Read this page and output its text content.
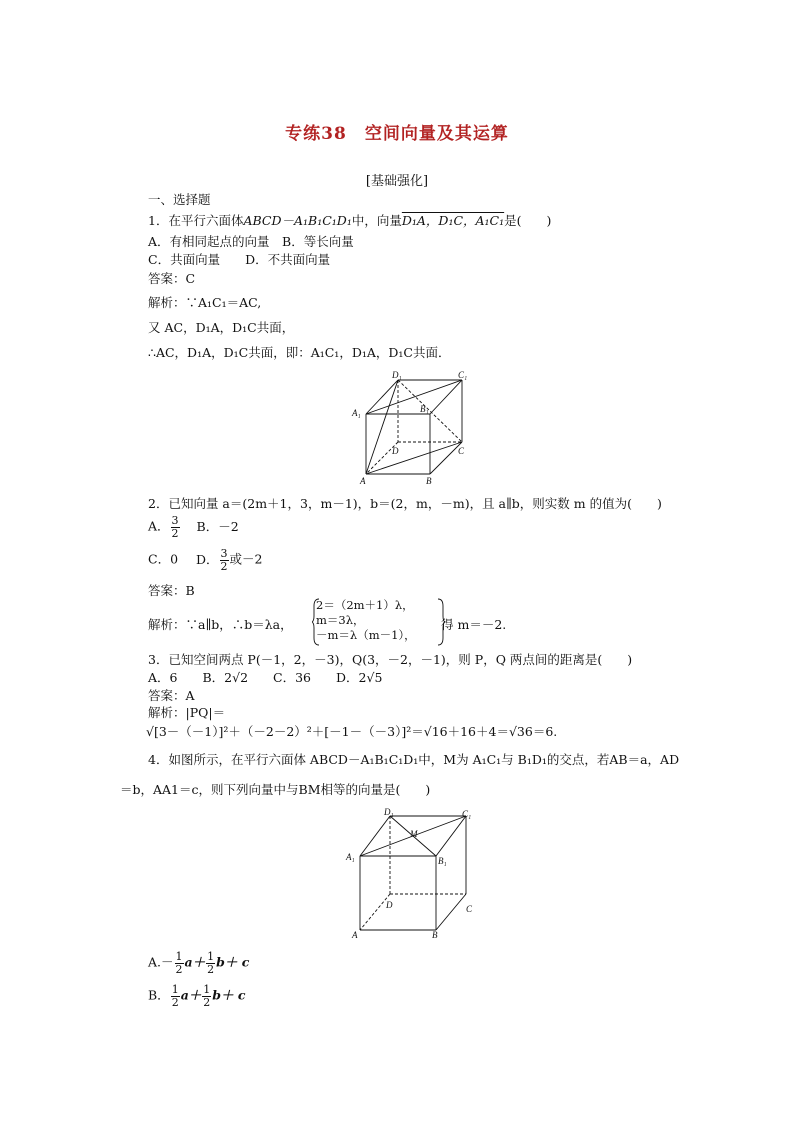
专练38　空间向量及其运算
[基础强化]
一、选择题
1．在平行六面体ABCD－A₁B₁C₁D₁中，向量D₁A，D₁C，A₁C₁是(　　)
A．有相同起点的向量　B．等长向量
C．共面向量　　D．不共面向量
答案：C
解析：∵A₁C₁＝AC,
又 AC，D₁A，D₁C共面，
∴AC，D₁A，D₁C共面，即：A₁C₁，D₁A，D₁C共面．
D₁	C₁
A₁	B₁
D	C
A	B
2．已知向量 a＝(2m＋1，3，m－1)，b＝(2，m，－m)，且 a∥b，则实数 m 的值为(　　)
A． $\frac{3}{2}$ B．－2
C．0 D． $\frac{3}{2}$ 或－2
答案：B
解析：∵a∥b，∴b＝λa，
2＝（2m＋1）λ，
m＝3λ，
－m＝λ（m－1），
得 m＝－2.
3．已知空间两点 P(－1，2，－3)，Q(3，－2，－1)，则 P，Q 两点间的距离是(　　)
A．6　　B．2√2　　C．36　　D．2√5
答案：A
解析：|PQ|＝
√[3－（－1）]²＋（－2－2）²＋[－1－（－3）]²＝√16＋16＋4＝√36＝6.
4．如图所示，在平行六面体 ABCD－A₁B₁C₁D₁中，M为 A₁C₁与 B₁D₁的交点，若AB＝a，AD
＝b，AA1＝c，则下列向量中与BM相等的向量是(　　)
D₁	C₁
M
A₁	B₁
D	C
A	B
$A.- \frac{1}{2} a+ \frac{1}{2} b+ c$
B． $\frac{1}{2} a+ \frac{1}{2} b+ c$
